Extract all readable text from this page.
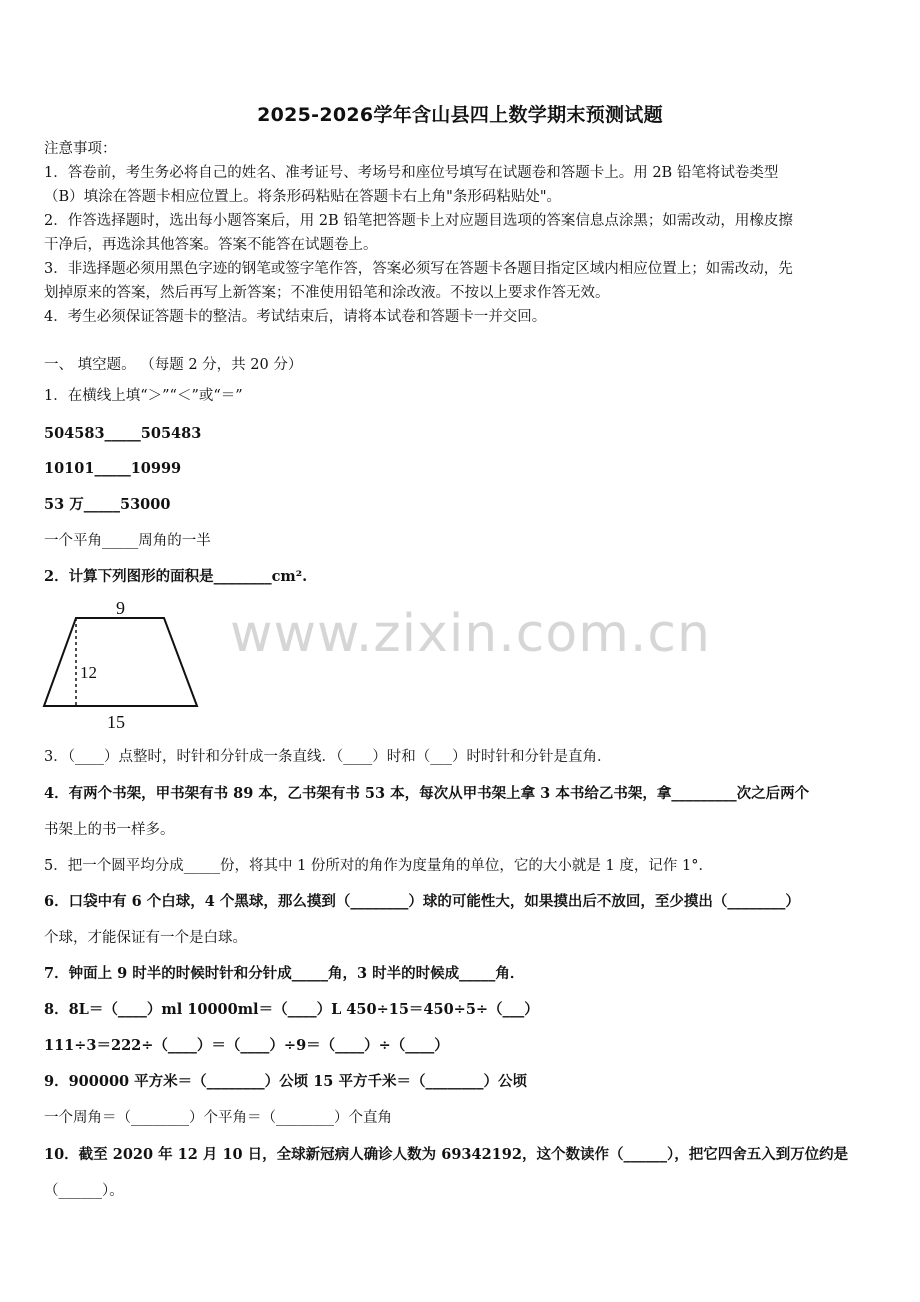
2025-2026学年含山县四上数学期末预测试题
注意事项：
1．答卷前，考生务必将自己的姓名、准考证号、考场号和座位号填写在试题卷和答题卡上。用 2B 铅笔将试卷类型
（B）填涂在答题卡相应位置上。将条形码粘贴在答题卡右上角"条形码粘贴处"。
2．作答选择题时，选出每小题答案后，用 2B 铅笔把答题卡上对应题目选项的答案信息点涂黑；如需改动，用橡皮擦
干净后，再选涂其他答案。答案不能答在试题卷上。
3．非选择题必须用黑色字迹的钢笔或签字笔作答，答案必须写在答题卡各题目指定区域内相应位置上；如需改动，先
划掉原来的答案，然后再写上新答案；不准使用铅笔和涂改液。不按以上要求作答无效。
4．考生必须保证答题卡的整洁。考试结束后，请将本试卷和答题卡一并交回。
一、 填空题。 （每题 2 分，共 20 分）
1．在横线上填“＞”“＜”或“＝”
504583_____505483
10101_____10999
53 万_____53000
一个平角_____周角的一半
2．计算下列图形的面积是________cm².
www.zixin.com.cn
9
12
15
3．（____）点整时，时针和分针成一条直线．（____）时和（___）时时针和分针是直角．
4．有两个书架，甲书架有书 89 本，乙书架有书 53 本，每次从甲书架上拿 3 本书给乙书架，拿_________次之后两个
书架上的书一样多。
5．把一个圆平均分成_____份，将其中 1 份所对的角作为度量角的单位，它的大小就是 1 度，记作 1°．
6．口袋中有 6 个白球，4 个黑球，那么摸到（________）球的可能性大，如果摸出后不放回，至少摸出（________）
个球，才能保证有一个是白球。
7．钟面上 9 时半的时候时针和分针成_____角，3 时半的时候成_____角．
8．8L＝（____）ml 10000ml＝（____）L 450÷15＝450÷5÷（___）
111÷3＝222÷（____）＝（____）÷9＝（____）÷（____）
9．900000 平方米＝（________）公顷 15 平方千米＝（________）公顷
一个周角＝（________）个平角＝（________）个直角
10．截至 2020 年 12 月 10 日，全球新冠病人确诊人数为 69342192，这个数读作（______），把它四舍五入到万位约是
（______）。
